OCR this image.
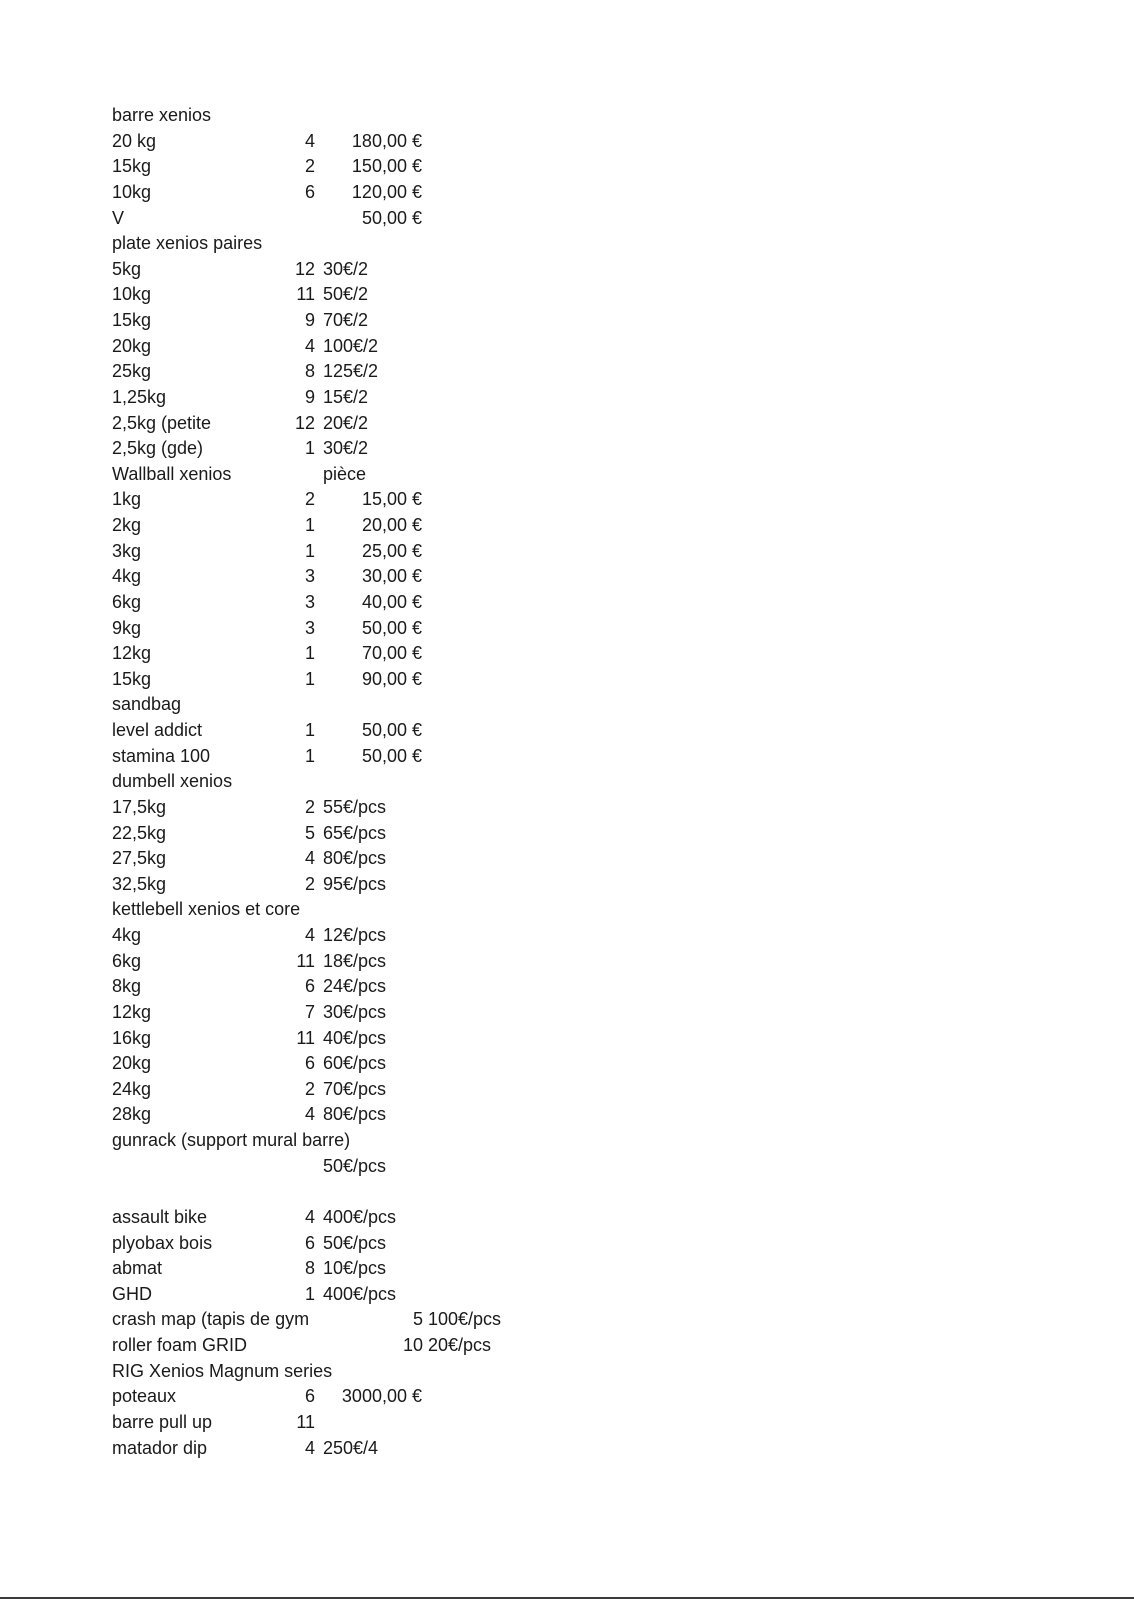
barre xenios
20 kg	4	180,00 €
15kg	2	150,00 €
10kg	6	120,00 €
V	50,00 €
plate xenios paires
5kg	12 30€/2
10kg	11 50€/2
15kg	9 70€/2
20kg	4 100€/2
25kg	8 125€/2
1,25kg	9 15€/2
2,5kg (petite	12 20€/2
2,5kg (gde)	1 30€/2
Wallball xenios	pièce
1kg	2	15,00 €
2kg	1	20,00 €
3kg	1	25,00 €
4kg	3	30,00 €
6kg	3	40,00 €
9kg	3	50,00 €
12kg	1	70,00 €
15kg	1	90,00 €
sandbag
level addict	1	50,00 €
stamina 100	1	50,00 €
dumbell xenios
17,5kg	2 55€/pcs
22,5kg	5 65€/pcs
27,5kg	4 80€/pcs
32,5kg	2 95€/pcs
kettlebell xenios et core
4kg	4 12€/pcs
6kg	11 18€/pcs
8kg	6 24€/pcs
12kg	7 30€/pcs
16kg	11 40€/pcs
20kg	6 60€/pcs
24kg	2 70€/pcs
28kg	4 80€/pcs
gunrack (support mural barre)
50€/pcs
assault bike	4 400€/pcs
plyobax bois	6 50€/pcs
abmat	8 10€/pcs
GHD	1 400€/pcs
crash map (tapis de gym	5 100€/pcs
roller foam GRID	10 20€/pcs
RIG Xenios Magnum series
poteaux	6	3000,00 €
barre pull up	11
matador dip	4 250€/4
